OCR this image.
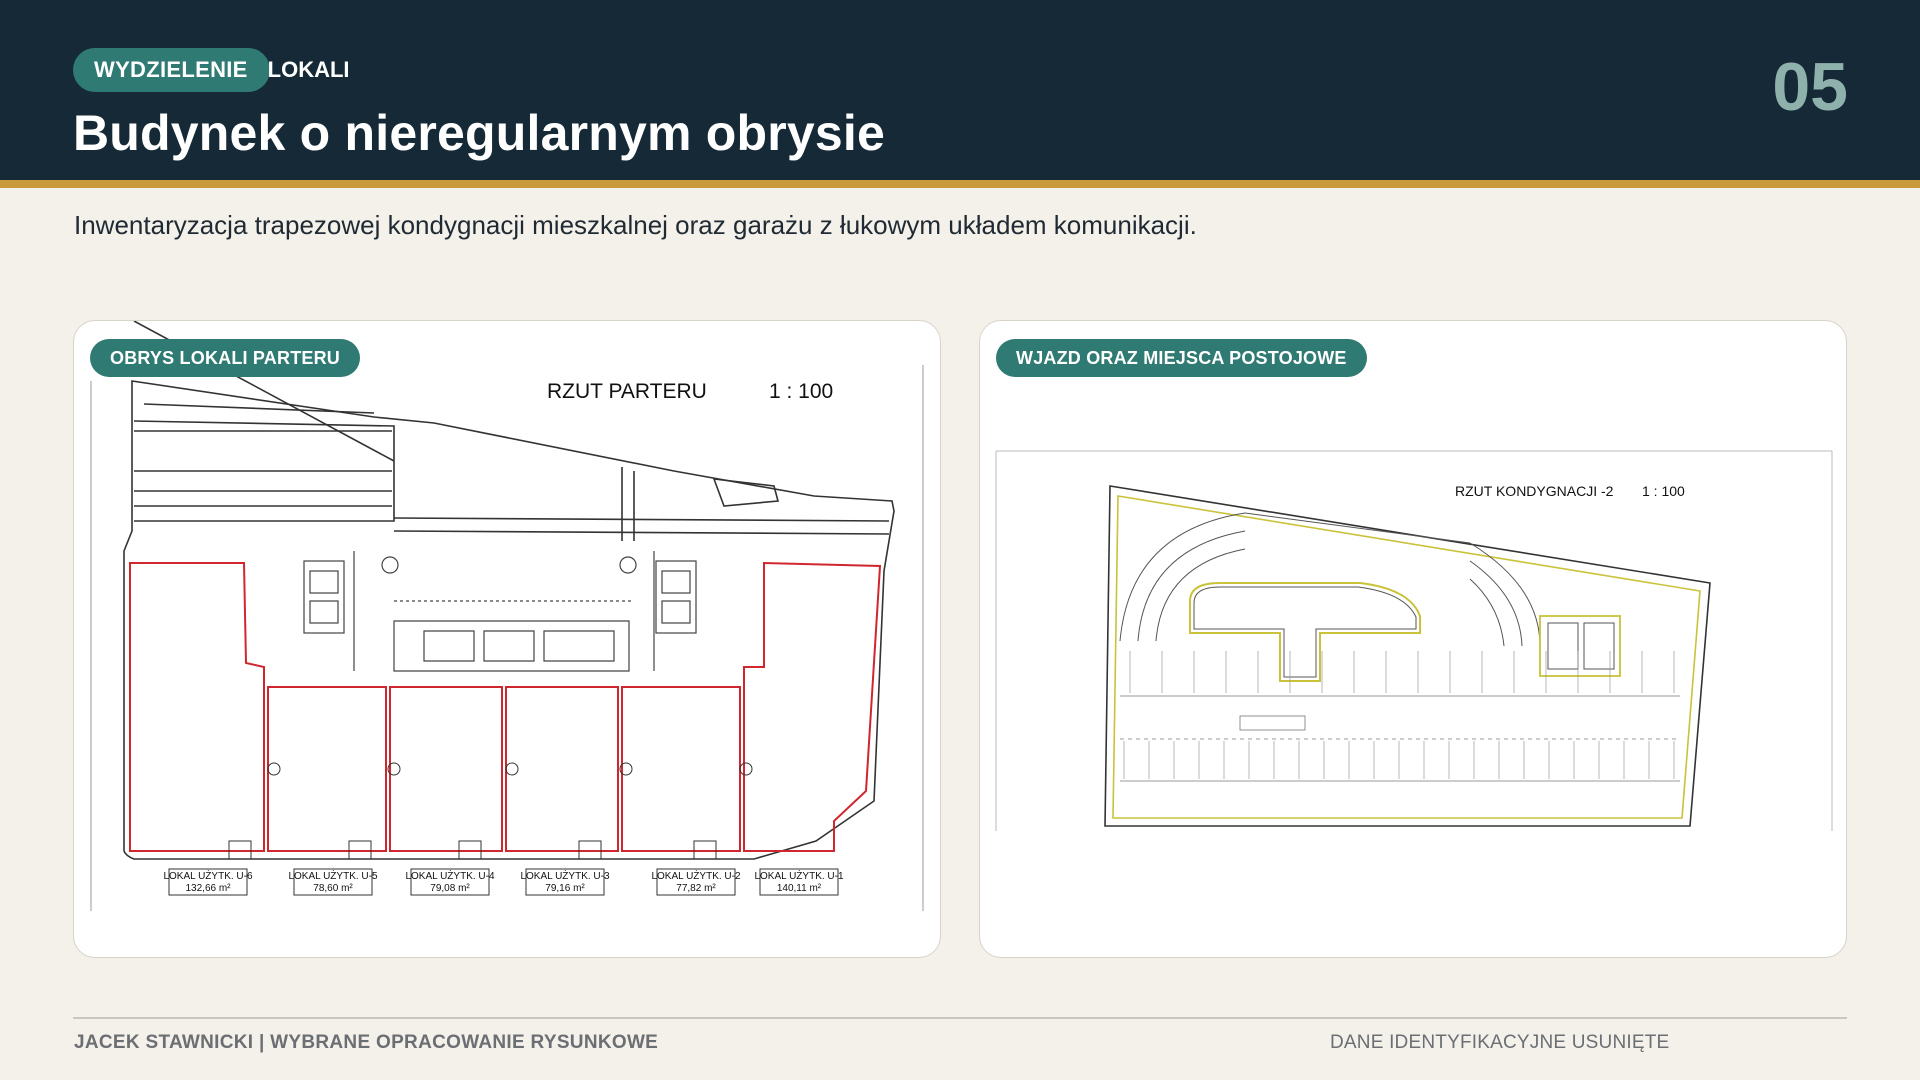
WYDZIELENIE LOKALI
Budynek o nieregularnym obrysie
05
Inwentaryzacja trapezowej kondygnacji mieszkalnej oraz garażu z łukowym układem komunikacji.
RZUT PARTERU	1 : 100
LOKAL UŻYTK. U-6
132,66 m²
LOKAL UŻYTK. U-5
78,60 m²
LOKAL UŻYTK. U-4
79,08 m²
LOKAL UŻYTK. U-3
79,16 m²
LOKAL UŻYTK. U-2
77,82 m²
LOKAL UŻYTK. U-1
140,11 m²
OBRYS LOKALI PARTERU
RZUT KONDYGNACJI -2 1 : 100
WJAZD ORAZ MIEJSCA POSTOJOWE
JACEK STAWNICKI | WYBRANE OPRACOWANIE RYSUNKOWE	DANE IDENTYFIKACYJNE USUNIĘTE
